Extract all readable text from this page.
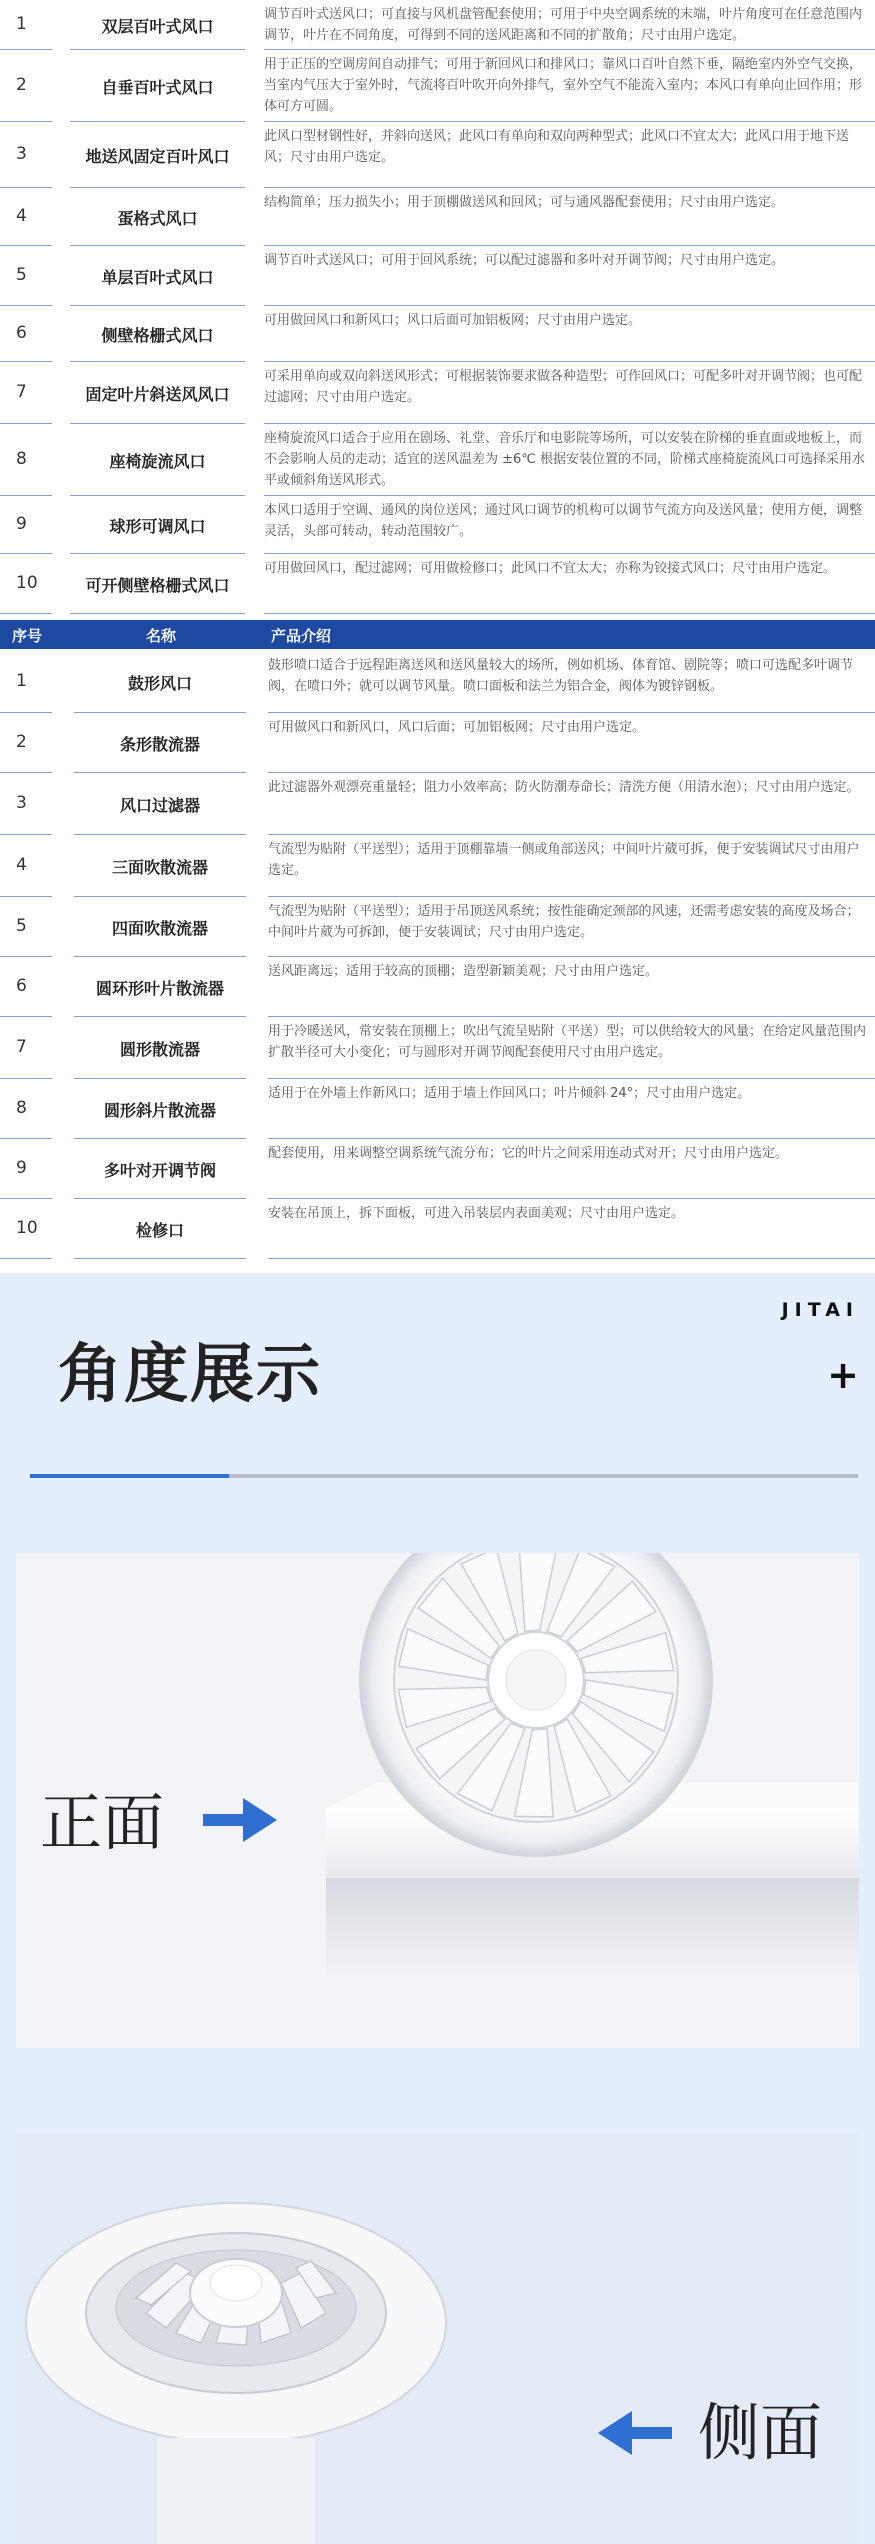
1	双层百叶式风口
调节百叶式送风口；可直接与风机盘管配套使用；可用于中央空调系统的末端，叶片角度可在任意范围内调节，叶片在不同角度，可得到不同的送风距离和不同的扩散角；尺寸由用户选定。
2	自垂百叶式风口
用于正压的空调房间自动排气；可用于新回风口和排风口；靠风口百叶自然下垂，隔绝室内外空气交换，当室内气压大于室外时，气流将百叶吹开向外排气，室外空气不能流入室内；本风口有单向止回作用；形体可方可圆。
3	地送风固定百叶风口
此风口型材钢性好，并斜向送风；此风口有单向和双向两种型式；此风口不宜太大；此风口用于地下送风；尺寸由用户选定。
4	蛋格式风口
结构简单；压力损失小；用于顶棚做送风和回风；可与通风器配套使用；尺寸由用户选定。
5	单层百叶式风口
调节百叶式送风口；可用于回风系统；可以配过滤器和多叶对开调节阀；尺寸由用户选定。
6	侧壁格栅式风口
可用做回风口和新风口；风口后面可加铝板网；尺寸由用户选定。
7	固定叶片斜送风风口
可采用单向或双向斜送风形式；可根据装饰要求做各种造型；可作回风口；可配多叶对开调节阀；也可配过滤网；尺寸由用户选定。
8	座椅旋流风口
座椅旋流风口适合于应用在剧场、礼堂、音乐厅和电影院等场所，可以安装在阶梯的垂直面或地板上，而不会影响人员的走动；适宜的送风温差为 ±6℃ 根据安装位置的不同，阶梯式座椅旋流风口可选择采用水平或倾斜角送风形式。
9	球形可调风口
本风口适用于空调、通风的岗位送风；通过风口调节的机构可以调节气流方向及送风量；使用方便，调整灵活，头部可转动，转动范围较广。
10	可开侧壁格栅式风口
可用做回风口，配过滤网；可用做检修口；此风口不宜太大；亦称为铰接式风口；尺寸由用户选定。
序号	名称	产品介绍
1	鼓形风口
鼓形喷口适合于远程距离送风和送风量较大的场所，例如机场、体育馆、剧院等；喷口可选配多叶调节阀，在喷口外；就可以调节风量。喷口面板和法兰为铝合金，阀体为镀锌钢板。
2	条形散流器
可用做风口和新风口，风口后面；可加铝板网；尺寸由用户选定。
3	风口过滤器
此过滤器外观漂亮重量轻；阻力小效率高；防火防潮寿命长；清洗方便（用清水泡）；尺寸由用户选定。
4	三面吹散流器
气流型为贴附（平送型）；适用于顶棚靠墙一侧或角部送风；中间叶片葳可拆，便于安装调试尺寸由用户选定。
5	四面吹散流器
气流型为贴附（平送型）；适用于吊顶送风系统；按性能确定颈部的风速，还需考虑安装的高度及场合；中间叶片葳为可拆卸，便于安装调试；尺寸由用户选定。
6	圆环形叶片散流器
送风距离远；适用于较高的顶棚；造型新颖美观；尺寸由用户选定。
7	圆形散流器
用于冷暖送风，常安装在顶棚上；吹出气流呈贴附（平送）型；可以供给较大的风量；在给定风量范围内扩散半径可大小变化；可与圆形对开调节阀配套使用尺寸由用户选定。
8	圆形斜片散流器
适用于在外墙上作新风口；适用于墙上作回风口；叶片倾斜 24°；尺寸由用户选定。
9	多叶对开调节阀
配套使用，用来调整空调系统气流分布；它的叶片之间采用连动式对开；尺寸由用户选定。
10	检修口
安装在吊顶上，拆下面板，可进入吊装层内表面美观；尺寸由用户选定。
角度展示
JITAI
+
正面
侧面
